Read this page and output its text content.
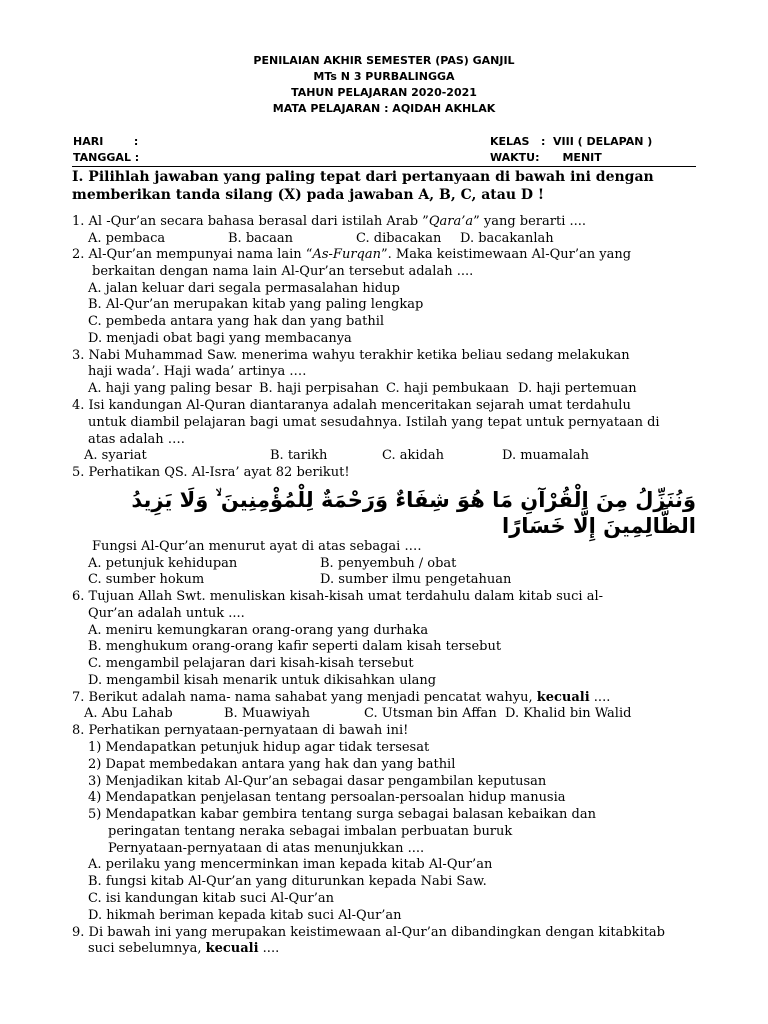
PENILAIAN AKHIR SEMESTER (PAS) GANJIL
MTs N 3 PURBALINGGA
TAHUN PELAJARAN 2020-2021
MATA PELAJARAN : AQIDAH AKHLAK
HARI        :
TANGGAL :
KELAS   :  VIII ( DELAPAN )
WAKTU:      MENIT
I. Pilihlah jawaban yang paling tepat dari pertanyaan di bawah ini dengan memberikan tanda silang (X) pada jawaban A, B, C, atau D !
1. Al -Qur’an secara bahasa berasal dari istilah Arab ”Qara’a” yang berarti ....
A. pembaca	B. bacaan	C. dibacakan D. bacakanlah
2. Al-Qur’an mempunyai nama lain “As-Furqan”. Maka keistimewaan Al-Qur’an yang
berkaitan dengan nama lain Al-Qur’an tersebut adalah ....
A. jalan keluar dari segala permasalahan hidup
B. Al-Qur’an merupakan kitab yang paling lengkap
C. pembeda antara yang hak dan yang bathil
D. menjadi obat bagi yang membacanya
3. Nabi Muhammad Saw. menerima wahyu terakhir ketika beliau sedang melakukan
haji wada’. Haji wada’ artinya .…
A. haji yang paling besar B. haji perpisahan C. haji pembukaan D. haji pertemuan
4. Isi kandungan Al-Quran diantaranya adalah menceritakan sejarah umat terdahulu
untuk diambil pelajaran bagi umat sesudahnya. Istilah yang tepat untuk pernyataan di
atas adalah ….
A. syariat	B. tarikh	C. akidah	D. muamalah
5. Perhatikan QS. Al-Isra’ ayat 82 berikut!
وَنُنَزِّلُ مِنَ الْقُرْآنِ مَا هُوَ شِفَاءٌ وَرَحْمَةٌ لِلْمُؤْمِنِينَ ۙ وَلَا يَزِيدُ
الظَّالِمِينَ إِلَّا خَسَارًا
Fungsi Al-Qur’an menurut ayat di atas sebagai .…
A. petunjuk kehidupan	B. penyembuh / obat
C. sumber hokum	D. sumber ilmu pengetahuan
6. Tujuan Allah Swt. menuliskan kisah-kisah umat terdahulu dalam kitab suci al-
Qur’an adalah untuk ....
A. meniru kemungkaran orang-orang yang durhaka
B. menghukum orang-orang kafir seperti dalam kisah tersebut
C. mengambil pelajaran dari kisah-kisah tersebut
D. mengambil kisah menarik untuk dikisahkan ulang
7. Berikut adalah nama- nama sahabat yang menjadi pencatat wahyu, kecuali ....
A. Abu Lahab	B. Muawiyah	C. Utsman bin Affan D. Khalid bin Walid
8. Perhatikan pernyataan-pernyataan di bawah ini!
1) Mendapatkan petunjuk hidup agar tidak tersesat
2) Dapat membedakan antara yang hak dan yang bathil
3) Menjadikan kitab Al-Qur’an sebagai dasar pengambilan keputusan
4) Mendapatkan penjelasan tentang persoalan-persoalan hidup manusia
5) Mendapatkan kabar gembira tentang surga sebagai balasan kebaikan dan
peringatan tentang neraka sebagai imbalan perbuatan buruk
Pernyataan-pernyataan di atas menunjukkan ....
A. perilaku yang mencerminkan iman kepada kitab Al-Qur’an
B. fungsi kitab Al-Qur’an yang diturunkan kepada Nabi Saw.
C. isi kandungan kitab suci Al-Qur’an
D. hikmah beriman kepada kitab suci Al-Qur’an
9. Di bawah ini yang merupakan keistimewaan al-Qur’an dibandingkan dengan kitabkitab
suci sebelumnya, kecuali ....
